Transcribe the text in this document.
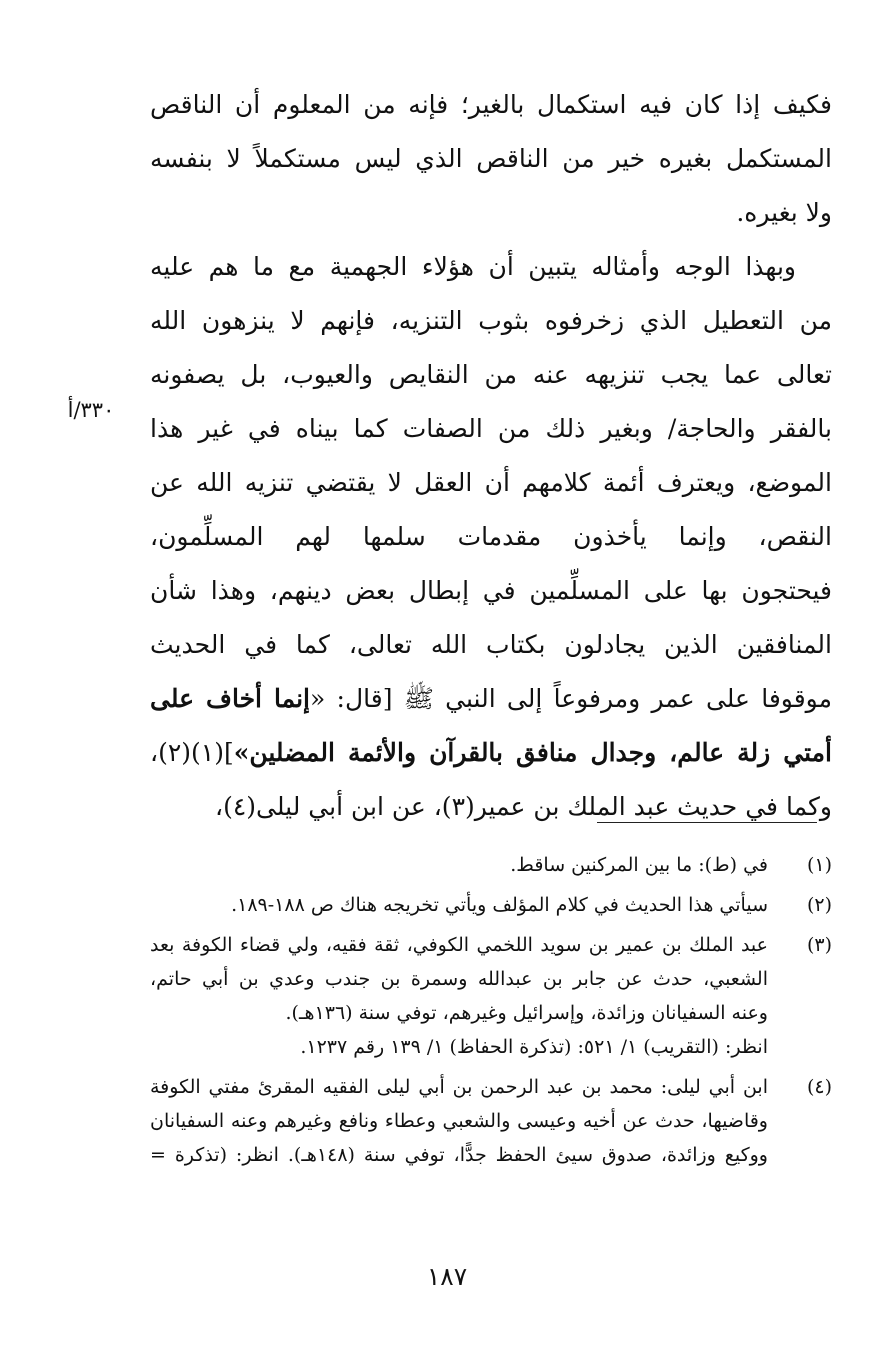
فكيف إذا كان فيه استكمال بالغير؛ فإنه من المعلوم أن الناقص
المستكمل بغيره خير من الناقص الذي ليس مستكملاً لا بنفسه
ولا بغيره.
وبهذا الوجه وأمثاله يتبين أن هؤلاء الجهمية مع ما هم عليه
من التعطيل الذي زخرفوه بثوب التنزيه، فإنهم لا ينزهون الله
تعالى عما يجب تنزيهه عنه من النقايص والعيوب، بل يصفونه
بالفقر والحاجة/ وبغير ذلك من الصفات كما بيناه في غير هذا
الموضع، ويعترف أئمة كلامهم أن العقل لا يقتضي تنزيه الله عن
النقص، وإنما يأخذون مقدمات سلمها لهم المسلِّمون،
فيحتجون بها على المسلِّمين في إبطال بعض دينهم، وهذا شأن
المنافقين الذين يجادلون بكتاب الله تعالى، كما في الحديث
موقوفا على عمر ومرفوعاً إلى النبي ﷺ [قال: «إنما أخاف على
أمتي زلة عالم، وجدال منافق بالقرآن والأئمة المضلين»](١)(٢)،
وكما في حديث عبد الملك بن عمير(٣)، عن ابن أبي ليلى(٤)،
٣٣٠/أ
(١)
في (ط): ما بين المركنين ساقط.
(٢)
سيأتي هذا الحديث في كلام المؤلف ويأتي تخريجه هناك ص ١٨٨-١٨٩.
(٣)
عبد الملك بن عمير بن سويد اللخمي الكوفي، ثقة فقيه، ولي قضاء الكوفة بعد
الشعبي، حدث عن جابر بن عبدالله وسمرة بن جندب وعدي بن أبي حاتم،
وعنه السفيانان وزائدة، وإسرائيل وغيرهم، توفي سنة (١٣٦هـ).
انظر: (التقريب) ١/ ٥٢١: (تذكرة الحفاظ) ١/ ١٣٩ رقم ١٢٣٧.
(٤)
ابن أبي ليلى: محمد بن عبد الرحمن بن أبي ليلى الفقيه المقرئ مفتي الكوفة
وقاضيها، حدث عن أخيه وعيسى والشعبي وعطاء ونافع وغيرهم وعنه السفيانان
ووكيع وزائدة، صدوق سيئ الحفظ جدًّا، توفي سنة (١٤٨هـ). انظر: (تذكرة =
١٨٧
